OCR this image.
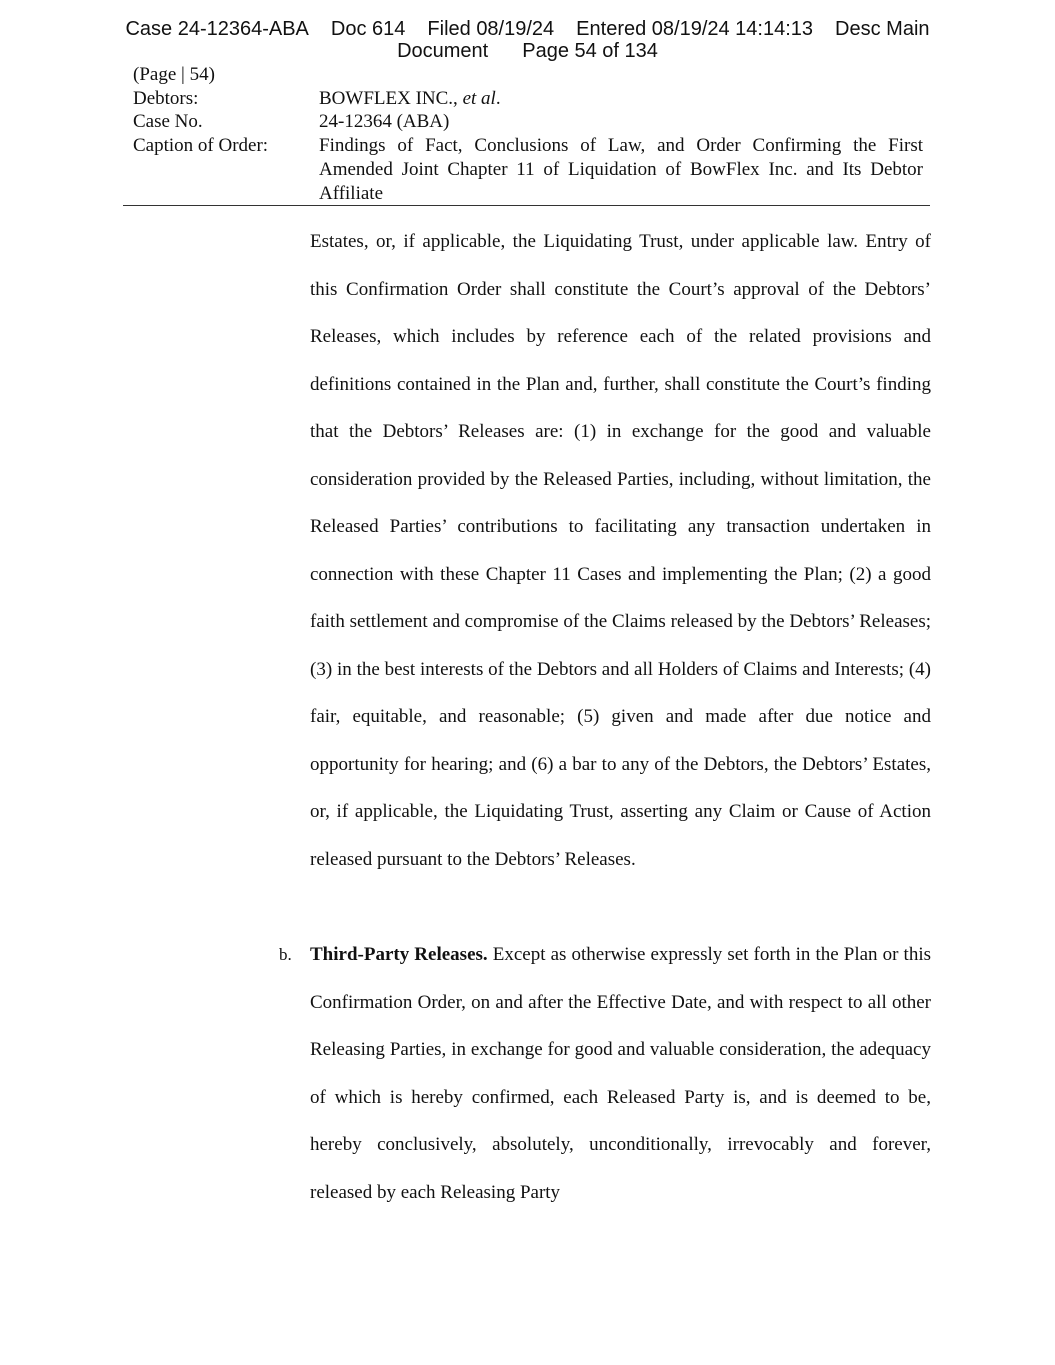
Case 24-12364-ABA Doc 614 Filed 08/19/24 Entered 08/19/24 14:14:13 Desc Main
Document Page 54 of 134
(Page | 54)
Debtors:	BOWFLEX INC., et al.
Case No.	24-12364 (ABA)
Caption of Order:	Findings of Fact, Conclusions of Law, and Order Confirming the First Amended Joint Chapter 11 of Liquidation of BowFlex Inc. and Its Debtor Affiliate

Estates, or, if applicable, the Liquidating Trust, under applicable law. Entry of this Confirmation Order shall constitute the Court’s approval of the Debtors’ Releases, which includes by reference each of the related provisions and definitions contained in the Plan and, further, shall constitute the Court’s finding that the Debtors’ Releases are: (1) in exchange for the good and valuable consideration provided by the Released Parties, including, without limitation, the Released Parties’ contributions to facilitating any transaction undertaken in connection with these Chapter 11 Cases and implementing the Plan; (2) a good faith settlement and compromise of the Claims released by the Debtors’ Releases; (3) in the best interests of the Debtors and all Holders of Claims and Interests; (4) fair, equitable, and reasonable; (5) given and made after due notice and opportunity for hearing; and (6) a bar to any of the Debtors, the Debtors’ Estates, or, if applicable, the Liquidating Trust, asserting any Claim or Cause of Action released pursuant to the Debtors’ Releases.

b. Third-Party Releases. Except as otherwise expressly set forth in the Plan or this Confirmation Order, on and after the Effective Date, and with respect to all other Releasing Parties, in exchange for good and valuable consideration, the adequacy of which is hereby confirmed, each Released Party is, and is deemed to be, hereby conclusively, absolutely, unconditionally, irrevocably and forever, released by each Releasing Party
